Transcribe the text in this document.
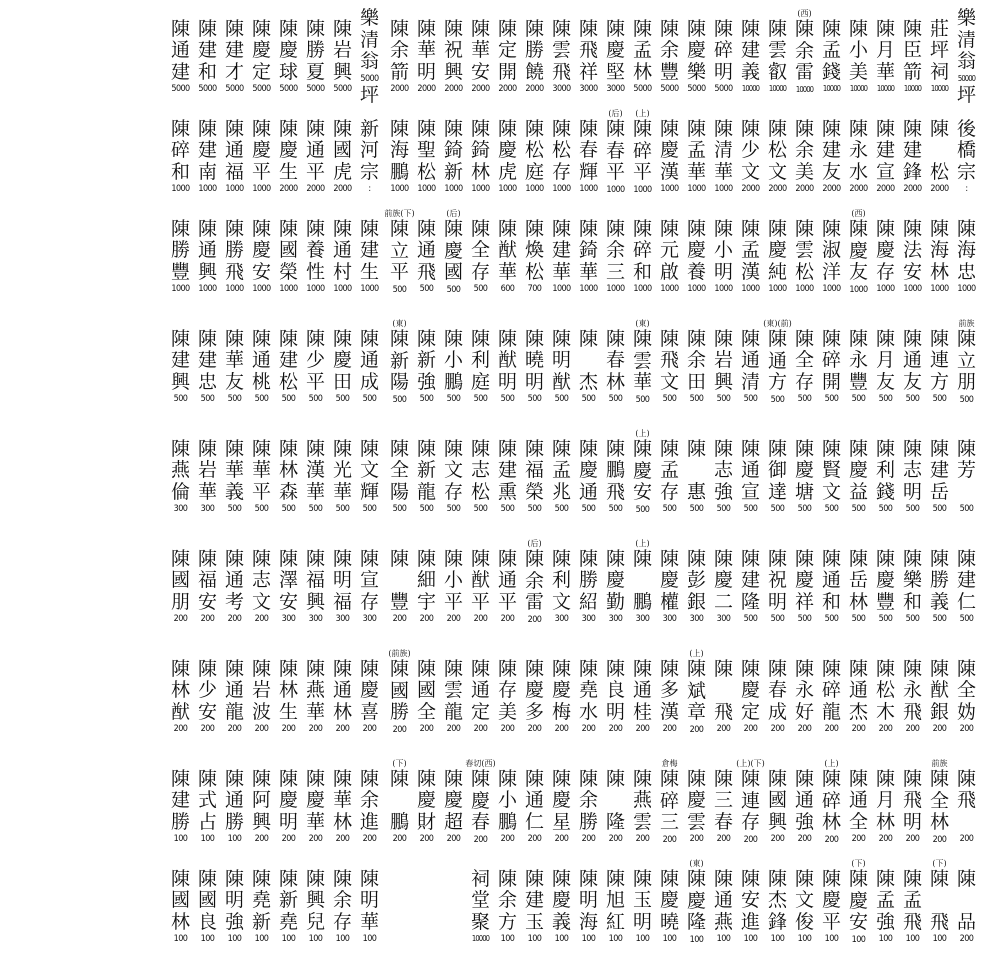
陳
通
建
5000
陳
建
和
5000
陳
建
才
5000
陳
慶
定
5000
陳
慶
球
5000
陳
勝
夏
5000
陳
岩
興
5000
樂
清
翁
5000
坪
陳
碎
和
1000
陳
建
南
1000
陳
通
福
1000
陳
慶
平
1000
陳
慶
生
2000
陳
通
平
2000
陳
國
虎
2000
新
河
宗
:
陳
勝
豐
1000
陳
通
興
1000
陳
勝
飛
1000
陳
慶
安
1000
陳
國
榮
1000
陳
養
性
1000
陳
通
村
1000
陳
建
生
1000
陳
建
興
500
陳
建
忠
500
陳
華
友
500
陳
通
桃
500
陳
建
松
500
陳
少
平
500
陳
慶
田
500
陳
通
成
500
陳
燕
倫
300
陳
岩
華
300
陳
華
義
500
陳
華
平
500
陳
林
森
500
陳
漢
華
500
陳
光
華
500
陳
文
輝
500
陳
國
朋
200
陳
福
安
200
陳
通
考
200
陳
志
文
200
陳
澤
安
300
陳
福
興
300
陳
明
福
300
陳
宣
存
300
陳
林
猷
200
陳
少
安
200
陳
通
龍
200
陳
岩
波
200
陳
林
生
200
陳
燕
華
200
陳
通
林
200
陳
慶
喜
200
陳
建
勝
100
陳
式
占
100
陳
通
勝
100
陳
阿
興
200
陳
慶
明
200
陳
慶
華
200
陳
華
林
200
陳
余
進
200
陳
國
林
100
陳
國
良
100
陳
明
強
100
陳
堯
新
100
陳
新
堯
100
陳
興
兒
100
陳
余
存
100
陳
明
華
100
陳
余
箭
2000
陳
華
明
2000
陳
祝
興
2000
陳
華
安
2000
陳
定
開
2000
陳
勝
饒
2000
陳
雲
飛
3000
陳
飛
祥
3000
陳
慶
堅
3000
陳
孟
林
5000
陳
余
豐
5000
陳
慶
樂
5000
陳
碎
明
5000
陳
建
義
10000
陳
雲
叡
10000
(西)
陳
余
雷
10000
陳
孟
錢
10000
陳
小
美
10000
陳
月
華
10000
陳
臣
箭
10000
莊
坪
祠
10000
樂
清
翁
50000
坪
陳
海
鵬
1000
陳
聖
松
1000
陳
錡
新
1000
陳
錡
林
1000
陳
慶
虎
1000
陳
松
庭
1000
陳
松
存
1000
陳
春
輝
1000
(后)
陳
春
平
1000
(上)
陳
碎
平
1000
陳
慶
漢
1000
陳
孟
華
1000
陳
清
華
1000
陳
少
文
2000
陳
松
文
2000
陳
余
美
2000
陳
建
友
2000
陳
永
水
2000
陳
建
宣
2000
陳
建
鋒
2000
陳
松
2000
後
橋
宗
:
前族(下)
陳
立
平
500
陳
通
飛
500
(后)
陳
慶
國
500
陳
全
存
500
陳
猷
華
600
陳
煥
松
700
陳
建
華
1000
陳
錡
華
1000
陳
余
三
1000
陳
碎
和
1000
陳
元
啟
1000
陳
慶
養
1000
陳
小
明
1000
陳
孟
漢
1000
陳
慶
純
1000
陳
雲
松
1000
陳
淑
洋
1000
(西)
陳
慶
友
1000
陳
慶
存
1000
陳
法
安
1000
陳
海
林
1000
陳
海
忠
1000
(東)
陳
新
陽
500
陳
新
強
500
陳
小
鵬
500
陳
利
庭
500
陳
猷
明
500
陳
曉
明
500
陳
明
猷
500
陳
杰
500
陳
春
林
500
(東)
陳
雲
華
500
陳
飛
文
500
陳
余
田
500
陳
岩
興
500
陳
通
清
500
(東)(前)
陳
通
方
500
陳
全
存
500
陳
碎
開
500
陳
永
豐
500
陳
月
友
500
陳
通
友
500
陳
連
方
500
前族
陳
立
朋
500
陳
全
陽
500
陳
新
龍
500
陳
文
存
500
陳
志
松
500
陳
建
熏
500
陳
福
榮
500
陳
孟
兆
500
陳
慶
通
500
陳
鵬
飛
500
(上)
陳
慶
安
500
陳
孟
存
500
陳
惠
500
陳
志
強
500
陳
通
宣
500
陳
御
達
500
陳
慶
塘
500
陳
賢
文
500
陳
慶
益
500
陳
利
錢
500
陳
志
明
500
陳
建
岳
500
陳
芳
500
陳
豐
200
陳
細
宇
200
陳
小
平
200
陳
猷
平
200
陳
通
平
200
(后)
陳
余
雷
200
陳
利
文
300
陳
勝
紹
300
陳
慶
勤
300
(上)
陳
鵬
300
陳
慶
權
300
陳
彭
銀
300
陳
慶
二
300
陳
建
隆
500
陳
祝
明
500
陳
慶
祥
500
陳
通
和
500
陳
岳
林
500
陳
慶
豐
500
陳
樂
和
500
陳
勝
義
500
陳
建
仁
500
(前族)
陳
國
勝
200
陳
國
全
200
陳
雲
龍
200
陳
通
定
200
陳
存
美
200
陳
慶
多
200
陳
慶
梅
200
陳
堯
水
200
陳
良
明
200
陳
通
桂
200
陳
多
漢
200
(上)
陳
斌
章
200
陳
飛
200
陳
慶
定
200
陳
春
成
200
陳
永
好
200
陳
碎
龍
200
陳
通
杰
200
陳
松
木
200
陳
永
飛
200
陳
猷
銀
200
陳
全
妫
200
(下)
陳
鵬
200
陳
慶
財
200
陳
慶
超
200
春切(西)
陳
慶
春
200
陳
小
鵬
200
陳
通
仁
200
陳
慶
星
200
陳
余
勝
200
陳
隆
200
陳
燕
雲
200
倉梅
陳
碎
三
200
陳
慶
雲
200
陳
三
春
200
(上)(下)
陳
連
存
200
陳
國
興
200
陳
通
強
200
(上)
陳
碎
林
200
陳
通
全
200
陳
月
林
200
陳
飛
明
200
前族
陳
全
林
200
陳
飛
200
祠
堂
聚
10000
陳
余
方
100
陳
建
玉
100
陳
慶
義
100
陳
明
海
100
陳
旭
紅
100
陳
玉
明
100
陳
慶
曉
100
(東)
陳
慶
隆
100
陳
通
燕
100
陳
安
進
100
陳
杰
鋒
100
陳
文
俊
100
陳
慶
平
100
(下)
陳
慶
安
100
陳
孟
強
100
陳
孟
飛
100
(下)
陳
飛
100
陳
品
200
